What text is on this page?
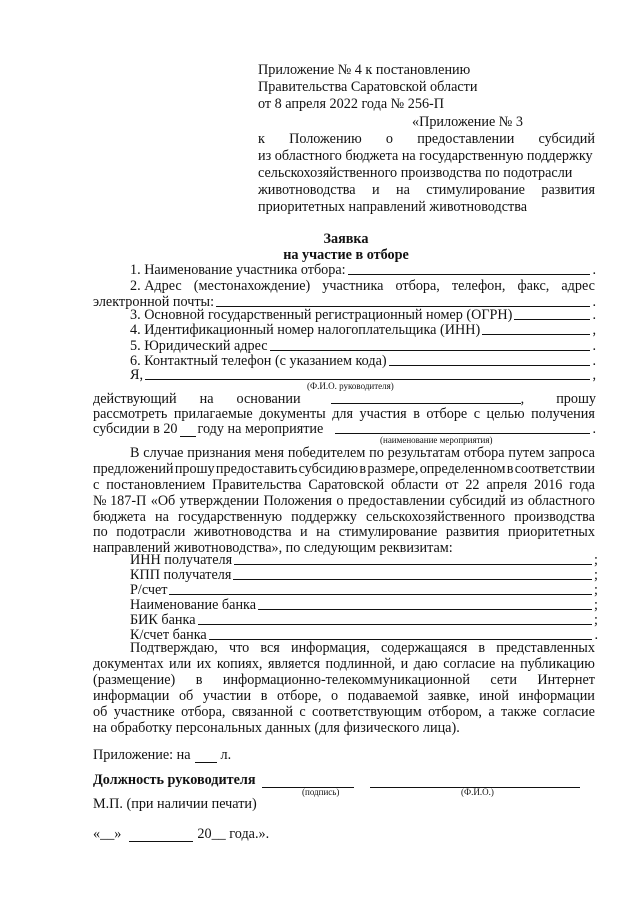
Приложение № 4 к постановлению
Правительства Саратовской области
от 8 апреля 2022 года № 256-П
«Приложение № 3
к Положению о предоставлении субсидий
из областного бюджета на государственную поддержку
сельскохозяйственного производства по подотрасли
животноводства и на стимулирование развития
приоритетных направлений животноводства
Заявка
на участие в отборе
1. Наименование участника отбора:	.
2. Адрес (местонахождение) участника отбора, телефон, факс, адрес
электронной почты:	.
3. Основной государственный регистрационный номер (ОГРН)	.
4. Идентификационный номер налогоплательщика (ИНН)	,
5. Юридический адрес	.
6. Контактный телефон (с указанием кода)	.
Я,	,
(Ф.И.О. руководителя)
действующий на основании	, прошу
рассмотреть прилагаемые документы для участия в отборе с целью получения
субсидии в 20 году на мероприятие	.
(наименование мероприятия)
В случае признания меня победителем по результатам отбора путем запроса
предложений прошу предоставить субсидию в размере, определенном в соответствии
с постановлением Правительства Саратовской области от 22 апреля 2016 года
№ 187-П «Об утверждении Положения о предоставлении субсидий из областного
бюджета на государственную поддержку сельскохозяйственного производства
по подотрасли животноводства и на стимулирование развития приоритетных
направлений животноводства», по следующим реквизитам:
ИНН получателя	;
КПП получателя	;
Р/счет	;
Наименование банка	;
БИК банка	;
К/счет банка	.
Подтверждаю, что вся информация, содержащаяся в представленных
документах или их копиях, является подлинной, и даю согласие на публикацию
(размещение) в информационно-телекоммуникационной сети Интернет
информации об участии в отборе, о подаваемой заявке, иной информации
об участнике отбора, связанной с соответствующим отбором, а также согласие
на обработку персональных данных (для физического лица).
Приложение: на л.
Должность руководителя
(подпись)	(Ф.И.О.)
М.П. (при наличии печати)
«__»	20__ года.».
